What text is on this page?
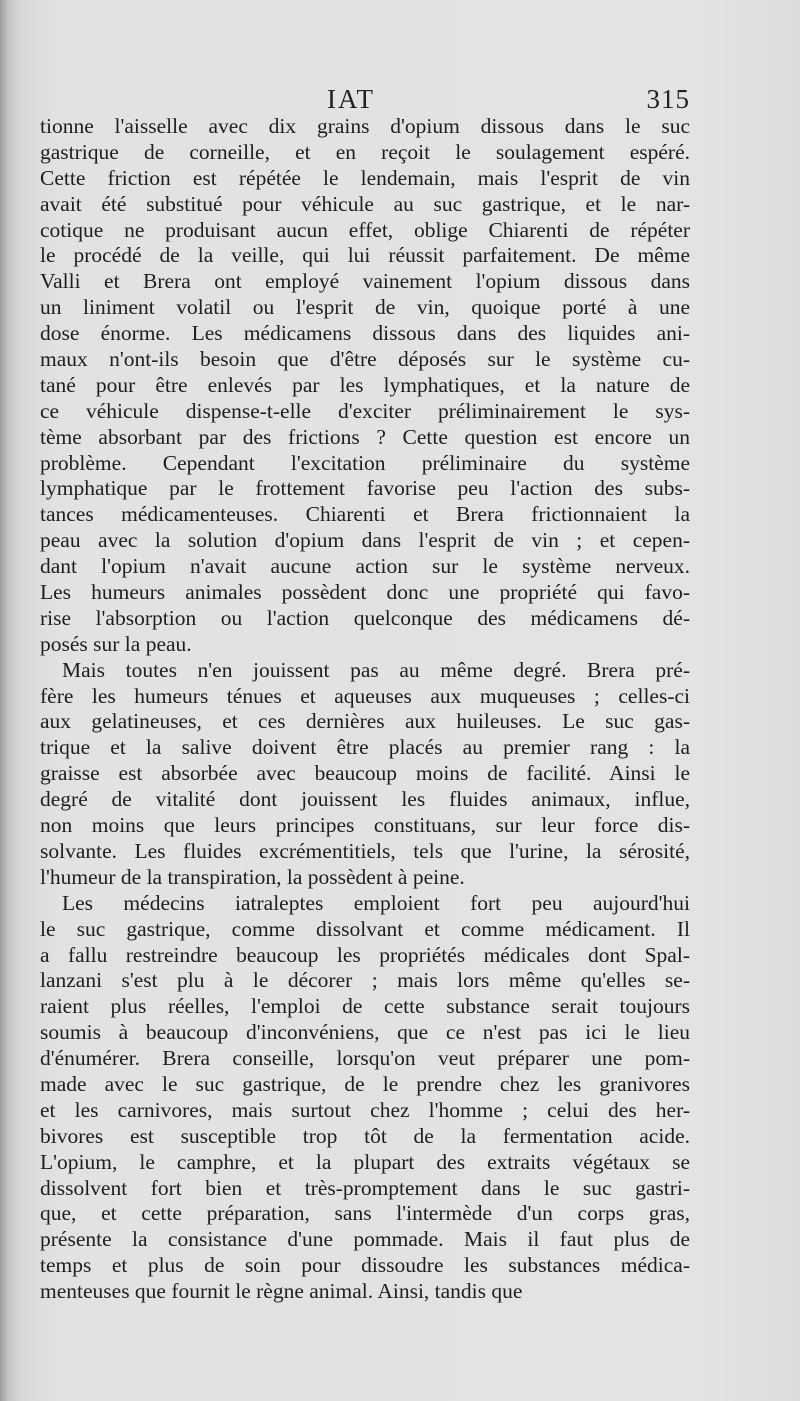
IAT	315
tionne l'aisselle avec dix grains d'opium dissous dans le suc
gastrique de corneille, et en reçoit le soulagement espéré.
Cette friction est répétée le lendemain, mais l'esprit de vin
avait été substitué pour véhicule au suc gastrique, et le nar-
cotique ne produisant aucun effet, oblige Chiarenti de répéter
le procédé de la veille, qui lui réussit parfaitement. De même
Valli et Brera ont employé vainement l'opium dissous dans
un liniment volatil ou l'esprit de vin, quoique porté à une
dose énorme. Les médicamens dissous dans des liquides ani-
maux n'ont-ils besoin que d'être déposés sur le système cu-
tané pour être enlevés par les lymphatiques, et la nature de
ce véhicule dispense-t-elle d'exciter préliminairement le sys-
tème absorbant par des frictions ? Cette question est encore un
problème. Cependant l'excitation préliminaire du système
lymphatique par le frottement favorise peu l'action des subs-
tances médicamenteuses. Chiarenti et Brera frictionnaient la
peau avec la solution d'opium dans l'esprit de vin ; et cepen-
dant l'opium n'avait aucune action sur le système nerveux.
Les humeurs animales possèdent donc une propriété qui favo-
rise l'absorption ou l'action quelconque des médicamens dé-
posés sur la peau.
Mais toutes n'en jouissent pas au même degré. Brera pré-
fère les humeurs ténues et aqueuses aux muqueuses ; celles-ci
aux gelatineuses, et ces dernières aux huileuses. Le suc gas-
trique et la salive doivent être placés au premier rang : la
graisse est absorbée avec beaucoup moins de facilité. Ainsi le
degré de vitalité dont jouissent les fluides animaux, influe,
non moins que leurs principes constituans, sur leur force dis-
solvante. Les fluides excrémentitiels, tels que l'urine, la sérosité,
l'humeur de la transpiration, la possèdent à peine.
Les médecins iatraleptes emploient fort peu aujourd'hui
le suc gastrique, comme dissolvant et comme médicament. Il
a fallu restreindre beaucoup les propriétés médicales dont Spal-
lanzani s'est plu à le décorer ; mais lors même qu'elles se-
raient plus réelles, l'emploi de cette substance serait toujours
soumis à beaucoup d'inconvéniens, que ce n'est pas ici le lieu
d'énumérer. Brera conseille, lorsqu'on veut préparer une pom-
made avec le suc gastrique, de le prendre chez les granivores
et les carnivores, mais surtout chez l'homme ; celui des her-
bivores est susceptible trop tôt de la fermentation acide.
L'opium, le camphre, et la plupart des extraits végétaux se
dissolvent fort bien et très-promptement dans le suc gastri-
que, et cette préparation, sans l'intermède d'un corps gras,
présente la consistance d'une pommade. Mais il faut plus de
temps et plus de soin pour dissoudre les substances médica-
menteuses que fournit le règne animal. Ainsi, tandis que
